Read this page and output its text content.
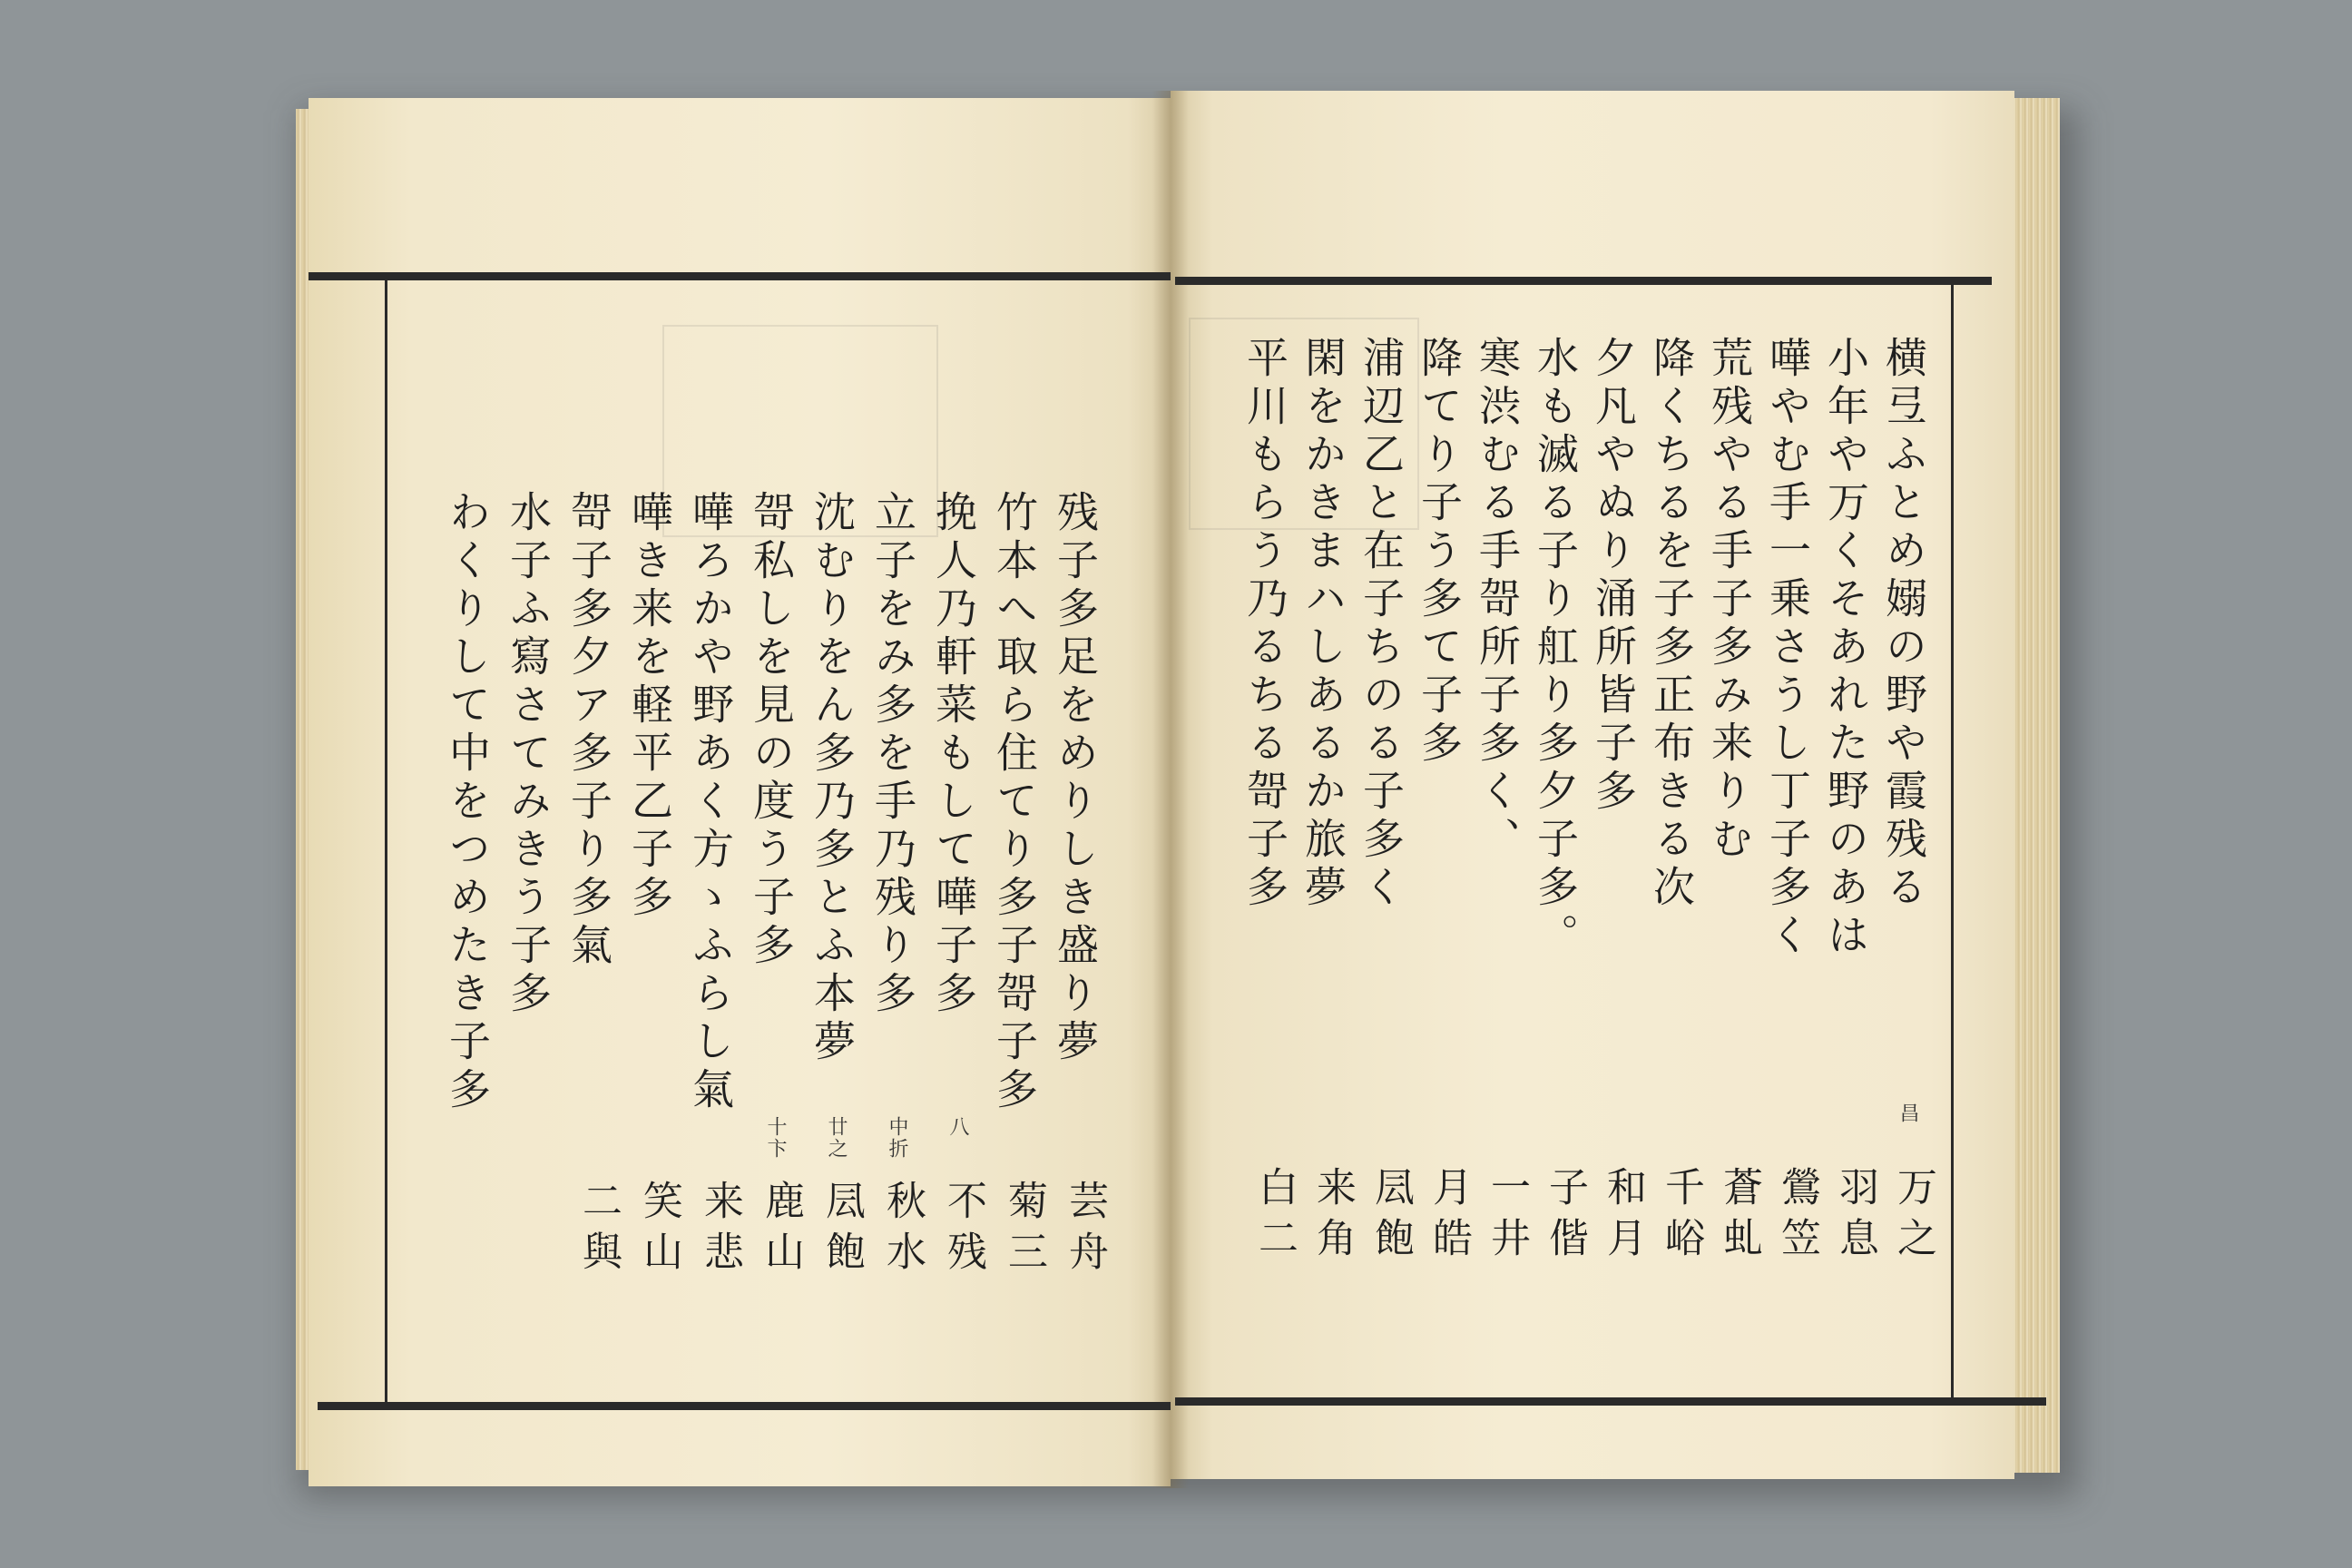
横弖ふとめ嫋の野や霞残る
昌
万之
小年や万くそあれた野のあは
羽息
嘩やむ手一乗さうし丁子多く
鶯笠
荒残やる手子多み来りむ
蒼虬
降くちるを子多正布きる次
千峪
夕凡やぬり涌所皆子多
和月
水も滅る子り舡り多夕子多。
子偕
寒渋むる手哿所子多く、
一井
降てり子う多て子多
月皓
浦辺乙と在子ちのる子多く
凨飽
閑をかきまハしあるか旅夢
来角
平川もらう乃るちる哿子多
白二
残子多足をめりしき盛り夢
芸舟
竹本へ取ら住てり多子哿子多
菊三
挽人乃軒菜もして嘩子多
八
不残
立子をみ多を手乃残り多
中折
秋水
沈むりをん多乃多とふ本夢
廿之
凨飽
哿私しを見の度う子多
十卞
鹿山
嘩ろかや野あく方ゝふらし氣
来悲
嘩き来を軽平乙子多
笑山
哿子多夕ア多子り多氣
二與
水子ふ寫さてみきう子多
わくりして中をつめたき子多
